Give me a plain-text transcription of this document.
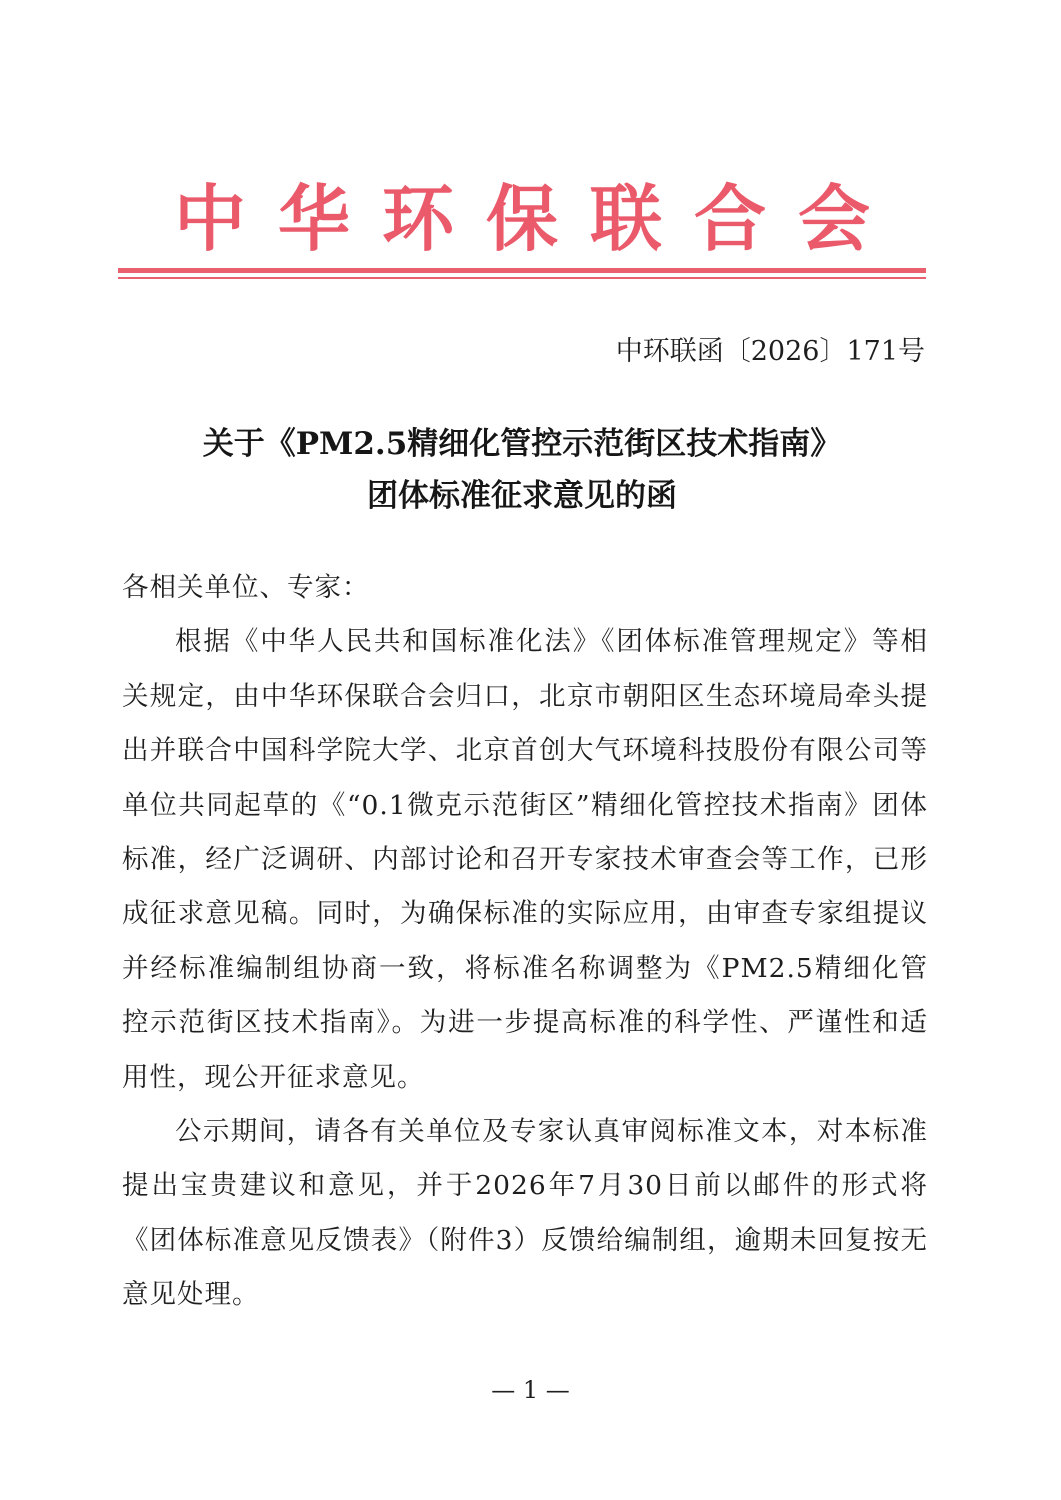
中华环保联合会

中环联函〔2026〕171号

关于《PM2.5精细化管控示范街区技术指南》
团体标准征求意见的函

各相关单位、专家：

根据《中华人民共和国标准化法》《团体标准管理规定》等相关规定，由中华环保联合会归口，北京市朝阳区生态环境局牵头提出并联合中国科学院大学、北京首创大气环境科技股份有限公司等单位共同起草的《“0.1微克示范街区”精细化管控技术指南》团体标准，经广泛调研、内部讨论和召开专家技术审查会等工作，已形成征求意见稿。同时，为确保标准的实际应用，由审查专家组提议并经标准编制组协商一致，将标准名称调整为《PM2.5精细化管控示范街区技术指南》。为进一步提高标准的科学性、严谨性和适用性，现公开征求意见。

公示期间，请各有关单位及专家认真审阅标准文本，对本标准提出宝贵建议和意见，并于2026年7月30日前以邮件的形式将《团体标准意见反馈表》（附件3）反馈给编制组，逾期未回复按无意见处理。

— 1 —
